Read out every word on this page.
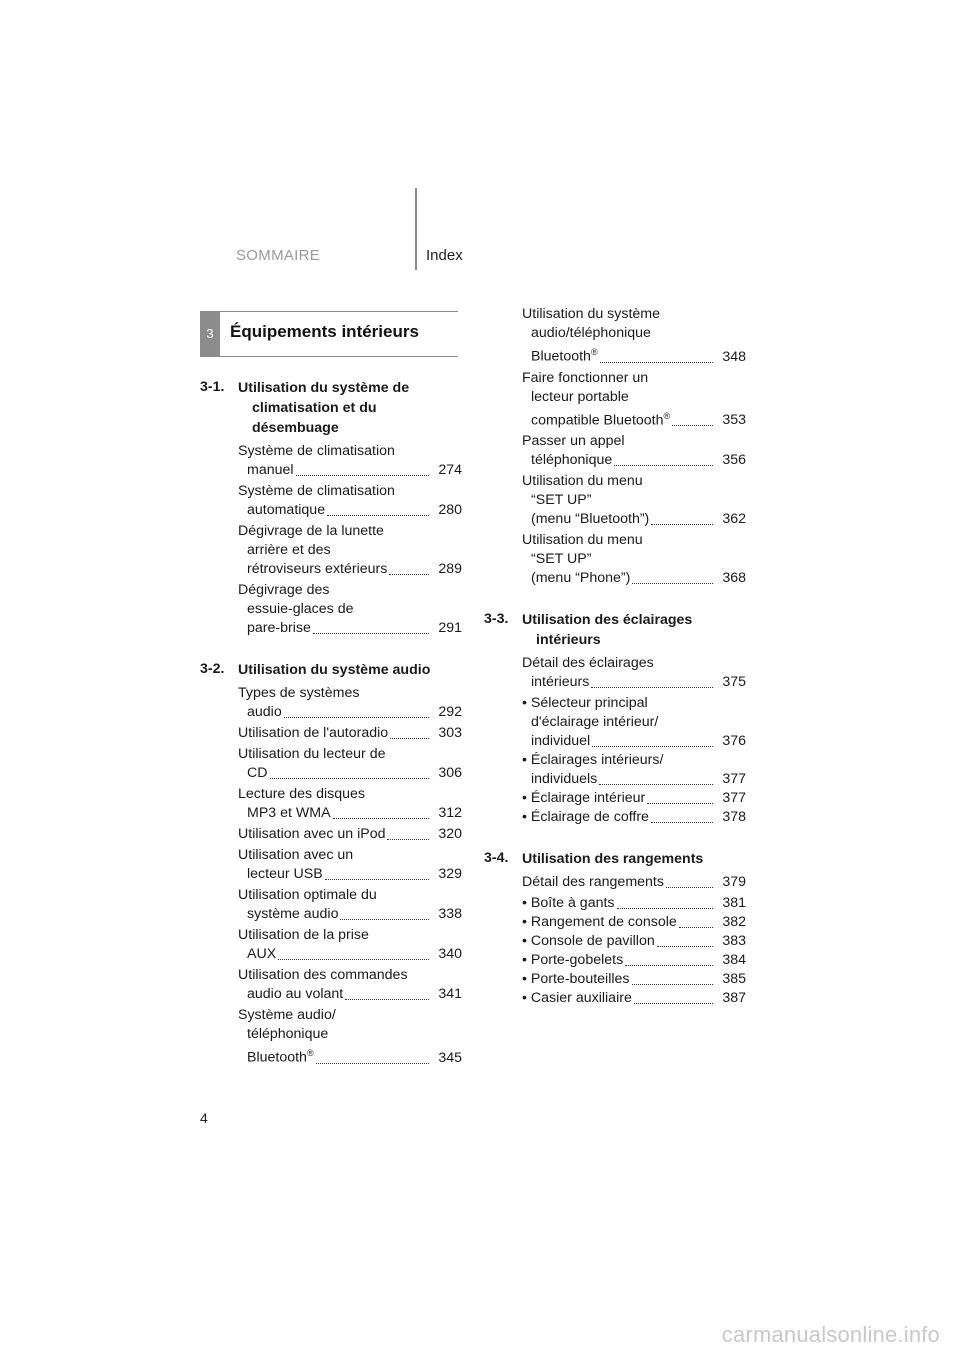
SOMMAIRE	Index
3 Équipements intérieurs
3-1. Utilisation du système de climatisation et du désembuage
Système de climatisation
manuel	274
Système de climatisation
automatique	280
Dégivrage de la lunette
arrière et des
rétroviseurs extérieurs	289
Dégivrage des
essuie-glaces de
pare-brise	291
3-2. Utilisation du système audio
Types de systèmes
audio	292
Utilisation de l'autoradio	303
Utilisation du lecteur de
CD	306
Lecture des disques
MP3 et WMA	312
Utilisation avec un iPod	320
Utilisation avec un
lecteur USB	329
Utilisation optimale du
système audio	338
Utilisation de la prise
AUX	340
Utilisation des commandes
audio au volant	341
Système audio/
téléphonique
Bluetooth®	345
Utilisation du système
audio/téléphonique
Bluetooth®	348
Faire fonctionner un
lecteur portable
compatible Bluetooth®	353
Passer un appel
téléphonique	356
Utilisation du menu
“SET UP”
(menu “Bluetooth”)	362
Utilisation du menu
“SET UP”
(menu “Phone”)	368
3-3. Utilisation des éclairages intérieurs
Détail des éclairages
intérieurs	375
• Sélecteur principal
d'éclairage intérieur/
individuel	376
• Éclairages intérieurs/
individuels	377
• Éclairage intérieur	377
• Éclairage de coffre	378
3-4. Utilisation des rangements
Détail des rangements	379
• Boîte à gants	381
• Rangement de console	382
• Console de pavillon	383
• Porte-gobelets	384
• Porte-bouteilles	385
• Casier auxiliaire	387
4
carmanualsonline.info
